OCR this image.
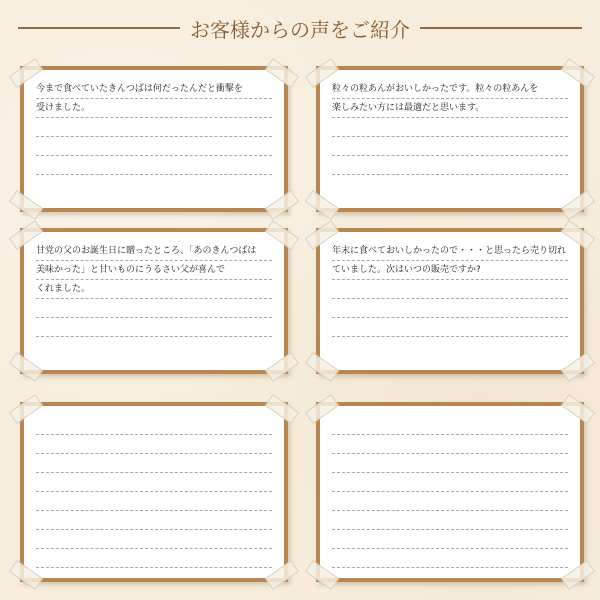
お客様からの声をご紹介
今まで食べていたきんつばは何だったんだと衝撃を
受けました。
粒々の粒あんがおいしかったです。粒々の粒あんを
楽しみたい方には最適だと思います。
甘党の父のお誕生日に贈ったところ、「あのきんつばは
美味かった」と甘いものにうるさい父が喜んで
くれました。
年末に食べておいしかったので・・・と思ったら売り切れ
ていました。次はいつの販売ですか?
